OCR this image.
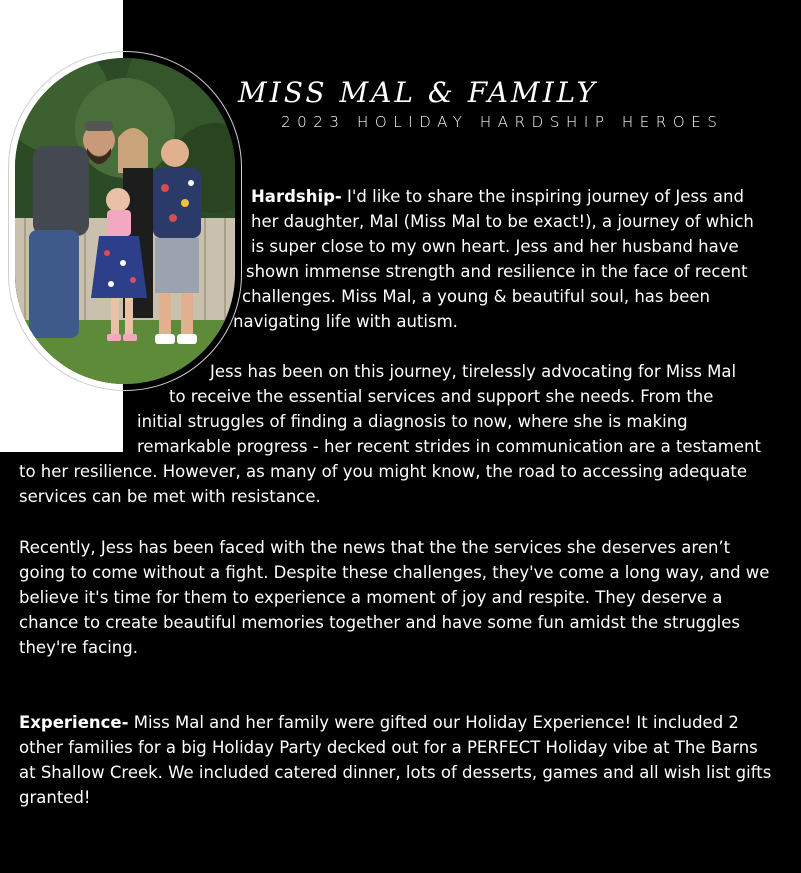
MISS MAL & FAMILY
2023 HOLIDAY HARDSHIP HEROES
Hardship- I'd like to share the inspiring journey of Jess and
her daughter, Mal (Miss Mal to be exact!), a journey of which
is super close to my own heart. Jess and her husband have
shown immense strength and resilience in the face of recent
challenges. Miss Mal, a young & beautiful soul, has been
navigating life with autism.
Jess has been on this journey, tirelessly advocating for Miss Mal
to receive the essential services and support she needs. From the
initial struggles of finding a diagnosis to now, where she is making
remarkable progress - her recent strides in communication are a testament
to her resilience. However, as many of you might know, the road to accessing adequate
services can be met with resistance.
Recently, Jess has been faced with the news that the the services she deserves aren’t
going to come without a fight. Despite these challenges, they've come a long way, and we
believe it's time for them to experience a moment of joy and respite. They deserve a
chance to create beautiful memories together and have some fun amidst the struggles
they're facing.
Experience- Miss Mal and her family were gifted our Holiday Experience! It included 2
other families for a big Holiday Party decked out for a PERFECT Holiday vibe at The Barns
at Shallow Creek. We included catered dinner, lots of desserts, games and all wish list gifts
granted!
